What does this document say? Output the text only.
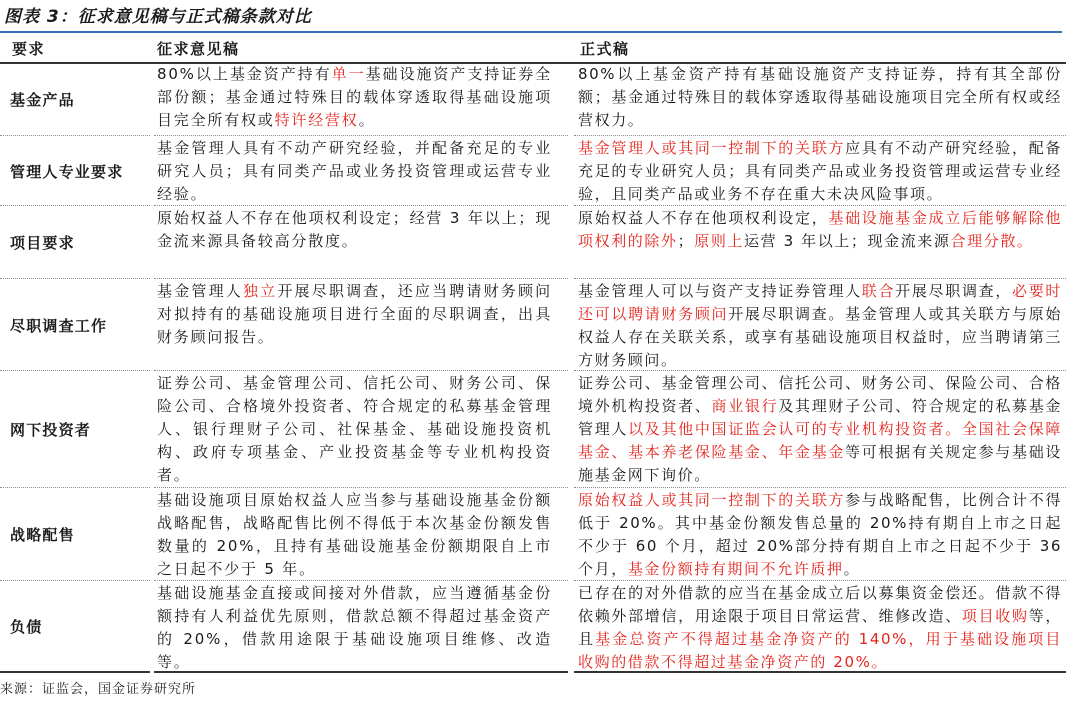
图表 3：征求意见稿与正式稿条款对比
要求	征求意见稿	正式稿
基金产品
80%以上基金资产持有单一基础设施资产支持证券全部份额；基金通过特殊目的载体穿透取得基础设施项目完全所有权或特许经营权。
80%以上基金资产持有基础设施资产支持证券，持有其全部份额；基金通过特殊目的载体穿透取得基础设施项目完全所有权或经营权力。
管理人专业要求
基金管理人具有不动产研究经验，并配备充足的专业研究人员；具有同类产品或业务投资管理或运营专业经验。
基金管理人或其同一控制下的关联方应具有不动产研究经验，配备充足的专业研究人员；具有同类产品或业务投资管理或运营专业经验，且同类产品或业务不存在重大未决风险事项。
项目要求
原始权益人不存在他项权利设定；经营 3 年以上；现金流来源具备较高分散度。
原始权益人不存在他项权利设定，基础设施基金成立后能够解除他项权利的除外；原则上运营 3 年以上；现金流来源合理分散。
尽职调查工作
基金管理人独立开展尽职调查，还应当聘请财务顾问对拟持有的基础设施项目进行全面的尽职调查，出具财务顾问报告。
基金管理人可以与资产支持证券管理人联合开展尽职调查，必要时还可以聘请财务顾问开展尽职调查。基金管理人或其关联方与原始权益人存在关联关系，或享有基础设施项目权益时，应当聘请第三方财务顾问。
网下投资者
证券公司、基金管理公司、信托公司、财务公司、保险公司、合格境外投资者、符合规定的私募基金管理人、银行理财子公司、社保基金、基础设施投资机构、政府专项基金、产业投资基金等专业机构投资者。
证券公司、基金管理公司、信托公司、财务公司、保险公司、合格境外机构投资者、商业银行及其理财子公司、符合规定的私募基金管理人以及其他中国证监会认可的专业机构投资者。全国社会保障基金、基本养老保险基金、年金基金等可根据有关规定参与基础设施基金网下询价。
战略配售
基础设施项目原始权益人应当参与基础设施基金份额战略配售，战略配售比例不得低于本次基金份额发售数量的 20%，且持有基础设施基金份额期限自上市之日起不少于 5 年。
原始权益人或其同一控制下的关联方参与战略配售，比例合计不得低于 20%。其中基金份额发售总量的 20%持有期自上市之日起不少于 60 个月，超过 20%部分持有期自上市之日起不少于 36 个月，基金份额持有期间不允许质押。
负债
基础设施基金直接或间接对外借款，应当遵循基金份额持有人利益优先原则，借款总额不得超过基金资产的 20%，借款用途限于基础设施项目维修、改造等。
已存在的对外借款的应当在基金成立后以募集资金偿还。借款不得依赖外部增信，用途限于项目日常运营、维修改造、项目收购等，且基金总资产不得超过基金净资产的 140%，用于基础设施项目收购的借款不得超过基金净资产的 20%。
来源：证监会，国金证券研究所
